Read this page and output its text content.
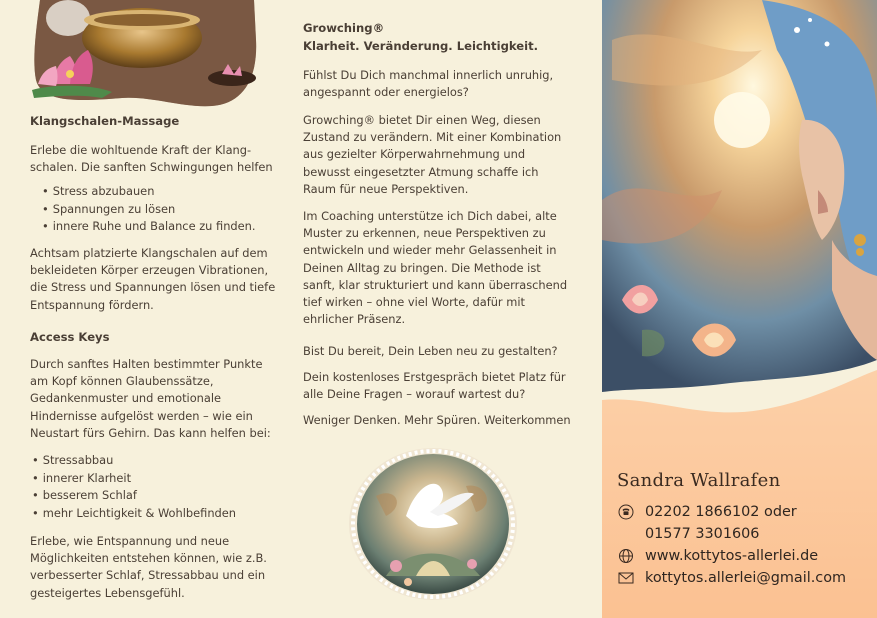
Klangschalen-Massage

Erlebe die wohltuende Kraft der Klang-schalen. Die sanften Schwingungen helfen

• Stress abzubauen
• Spannungen zu lösen
• innere Ruhe und Balance zu finden.

Achtsam platzierte Klangschalen auf dem bekleideten Körper erzeugen Vibrationen, die Stress und Spannungen lösen und tiefe Entspannung fördern.

Access Keys

Durch sanftes Halten bestimmter Punkte am Kopf können Glaubenssätze, Gedankenmuster und emotionale Hindernisse aufgelöst werden – wie ein Neustart fürs Gehirn. Das kann helfen bei:

• Stressabbau
• innerer Klarheit
• besserem Schlaf
• mehr Leichtigkeit & Wohlbefinden

Erlebe, wie Entspannung und neue Möglichkeiten entstehen können, wie z.B. verbesserter Schlaf, Stressabbau und ein gesteigertes Lebensgefühl.

Growching®

Klarheit. Veränderung. Leichtigkeit.

Fühlst Du Dich manchmal innerlich unruhig, angespannt oder energielos?

Growching® bietet Dir einen Weg, diesen Zustand zu verändern. Mit einer Kombination aus gezielter Körperwahrnehmung und bewusst eingesetzter Atmung schaffe ich Raum für neue Perspektiven.

Im Coaching unterstütze ich Dich dabei, alte Muster zu erkennen, neue Perspektiven zu entwickeln und wieder mehr Gelassenheit in Deinen Alltag zu bringen. Die Methode ist sanft, klar strukturiert und kann überraschend tief wirken – ohne viel Worte, dafür mit ehrlicher Präsenz.

Bist Du bereit, Dein Leben neu zu gestalten?

Dein kostenloses Erstgespräch bietet Platz für alle Deine Fragen – worauf wartest du?

Weniger Denken. Mehr Spüren. Weiterkommen

Sandra Wallrafen

02202 1866102 oder
01577 3301606
www.kottytos-allerlei.de
kottytos.allerlei@gmail.com
